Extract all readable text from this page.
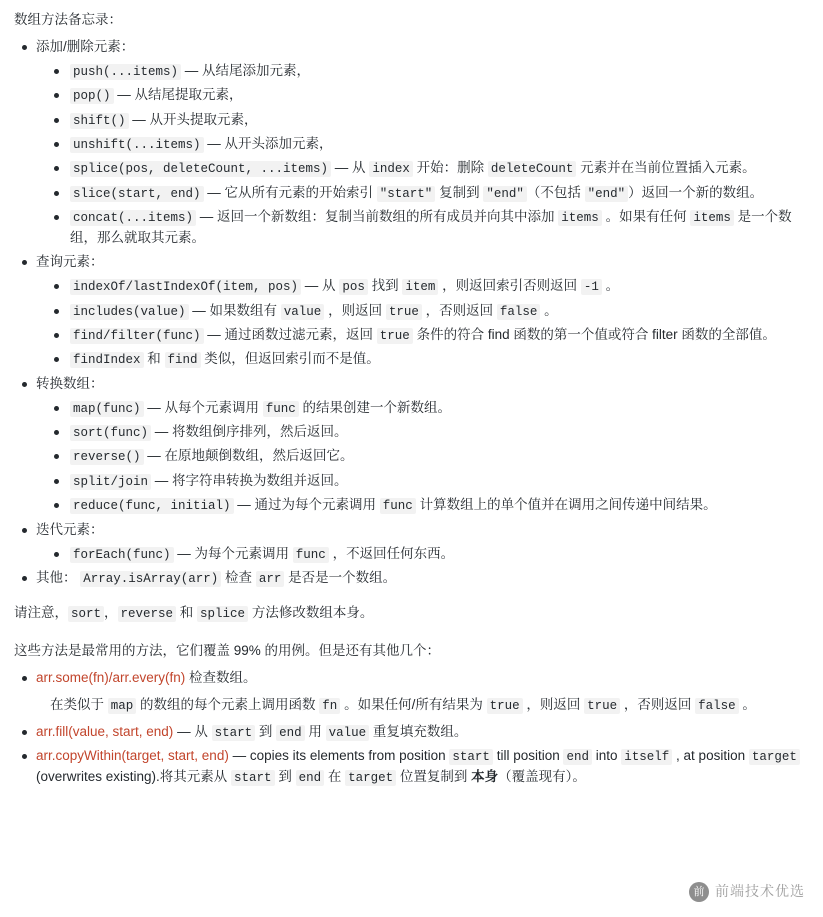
数组方法备忘录：

添加/删除元素：
push(...items) — 从结尾添加元素，
pop() — 从结尾提取元素，
shift() — 从开头提取元素，
unshift(...items) — 从开头添加元素，
splice(pos, deleteCount, ...items) — 从 index 开始：删除 deleteCount 元素并在当前位置插入元素。
slice(start, end) — 它从所有元素的开始索引 "start" 复制到 "end" （不包括 "end" ）返回一个新的数组。
concat(...items) — 返回一个新数组：复制当前数组的所有成员并向其中添加 items 。如果有任何 items 是一个数组，那么就取其元素。
查询元素：
indexOf/lastIndexOf(item, pos) — 从 pos 找到 item ，则返回索引否则返回 -1 。
includes(value) — 如果数组有 value ，则返回 true ，否则返回 false 。
find/filter(func) — 通过函数过滤元素，返回 true 条件的符合 find 函数的第一个值或符合 filter 函数的全部值。
findIndex 和 find 类似，但返回索引而不是值。
转换数组：
map(func) — 从每个元素调用 func 的结果创建一个新数组。
sort(func) — 将数组倒序排列，然后返回。
reverse() — 在原地颠倒数组，然后返回它。
split/join — 将字符串转换为数组并返回。
reduce(func, initial) — 通过为每个元素调用 func 计算数组上的单个值并在调用之间传递中间结果。
迭代元素：
forEach(func) — 为每个元素调用 func ，不返回任何东西。
其他： Array.isArray(arr) 检查 arr 是否是一个数组。

请注意， sort ， reverse 和 splice 方法修改数组本身。

这些方法是最常用的方法，它们覆盖 99% 的用例。但是还有其他几个：

arr.some(fn)/arr.every(fn) 检查数组。

在类似于 map 的数组的每个元素上调用函数 fn 。如果任何/所有结果为 true ，则返回 true ，否则返回 false 。

arr.fill(value, start, end) — 从 start 到 end 用 value 重复填充数组。
arr.copyWithin(target, start, end) — copies its elements from position start till position end into itself , at position target (overwrites existing).将其元素从 start 到 end 在 target 位置复制到 本身（覆盖现有）。
前 前端技术优选
